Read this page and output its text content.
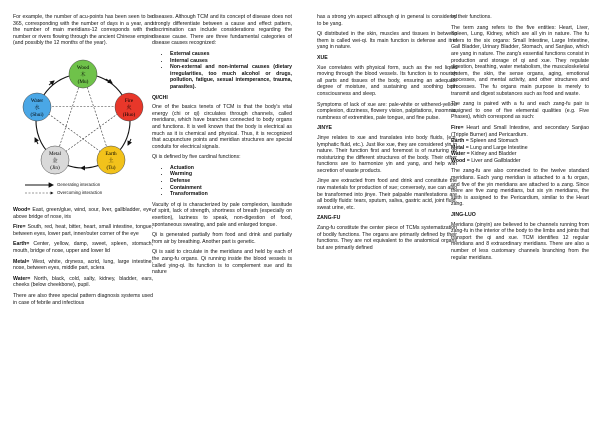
For example, the number of acu-points has been seen to be 365, corresponding with the number of days in a year, and the number of main meridians-12 corresponds with the number or rivers flowing through the ancient Chinese empire (and possibly the 12 months of the year).

Wood
木
(Mu)
Fire
火
(Huo)
Earth
土
(Tu)
Metal
金
(Jin)
Water
水
(Shui)
Generating interaction
Overcoming interaction

Wood= East, green/glue, wind, sour, liver, gallbladder, eye, above bridge of nose, iris

Fire= South, red, heat, bitter, heart, small intestine, tongue, between eyes, lower part, inner/outer corner of the eye

Earth= Center, yellow, damp, sweet, spleen, stomach, mouth, bridge of nose, upper and lower lid

Metal= West, white, dryness, acrid, lung, large intestine, nose, between eyes, middle part, sclera

Water= North, black, cold, salty, kidney, bladder, ears, cheeks (below cheekbone), pupil.

There are also three special pattern diagnosis systems used in case of febrile and infectious

diseases. Although TCM and its concept of disease does not strongly differentiate between a cause and effect pattern, discrimination can include considerations regarding the disease cause. There are three fundamental categories of disease causes recognized:

• External causes
• Internal causes
• Non-external and non-internal causes (dietary irregularities, too much alcohol or drugs, pollution, fatigue, sexual intemperance, trauma, parasites).
QI/CHI

One of the basics tenets of TCM is that the body's vital energy (chi or qi) circulates through channels, called meridians, which have branches connected to body organs and functions. It is well known that the body is electrical as much as it is chemical and physical. Thus, it is recognized that acupuncture points and meridian structures are special conduits for electrical signals.

Qi is defined by five cardinal functions:

• Actuation
• Warming
• Defense
• Containment
• Transformation

Vacuity of qi is characterized by pale complexion, lassitude of spirit, lack of strength, shortness of breath (especially on exertion), laziness to speak, non-digestion of food, spontaneous sweating, and pale and enlarged tongue.

Qi is generated partially from food and drink and partially from air by breathing. Another part is genetic.

Qi is said to circulate in the meridians and held by each of the zang-fu organs. Qi running inside the blood vessels is called ying-qi. Its function is to complement xue and its nature

has a strong yin aspect although qi in general is considered to be yang.

Qi distributed in the skin, muscles and tissues in between them is called wei-qi. Its main function is defense and it is yang in nature.

XUE

Xue correlates with physical form, such as the red liquid moving through the blood vessels. Its function is to nourish all parts and tissues of the body, ensuring an adequate degree of moisture, and sustaining and soothing both consciousness and sleep.

Symptoms of lack of xue are: pale-white or withered-yellow complexion, dizziness, flowery vision, palpitations, insomnia, numbness of extremities, pale tongue, and fine pulse.

JINYE

Jinye relates to xue and translates into body fluids, (e.g. lymphatic fluid, etc.). Just like xue, they are considered yin in nature. Their function first and foremost is of nurturing an moisturizing the different structures of the body. Their other functions are to harmonize yin and yang, and help with secretion of waste products.

Jinye are extracted from food and drink and constitute the raw materials for production of xue; conversely, xue can also be transformed into jinye. Their palpable manifestations are all bodily fluids: tears, sputum, saliva, gastric acid, joint fluid, sweat urine, etc.

ZANG-FU

Zang-fu constitute the center piece of TCMs systematization of bodily functions. The organs are primarily defined by their functions. They are not equivalent to the anatomical organs but are primarily defined

by their functions.

The term zang refers to the five entities: Heart, Liver, Spleen, Lung, Kidney, which are all yin in nature. The fu refers to the six organs: Small Intestine, Large Intestine, Gall Bladder, Urinary Bladder, Stomach, and Sanjiao, which are yang in nature. The zang's essential functions consist in production and storage of qi and xue. They regulate digestion, breathing, water metabolism, the musculoskeletal system, the skin, the sense organs, aging, emotional processes, and mental activity, and other structures and processes. The fu organs main purpose is merely to transmit and digest substances such as food and waste.

The zang is paired with a fu and each zang-fu pair is assigned to one of five elemental qualities (e.g. Five Phases), which correspond as such:

Fire= Heart and Small Intestine, and secondary Sanjiao (Tripple Burner) and Pericardium.
Earth = Spleen and Stomach
Metal = Lung and Large Intestine
Water = Kidney and Bladder
Wood = Liver and Gallbladder

The zang-fu are also connected to the twelve standard meridians. Each yang meridian is attached to a fu organ, and five of the yin meridians are attached to a zang. Since there are five zang meridians, but six yin meridians, the sixth is assigned to the Pericardium, similar to the Heart zang.

JING-LUO

Meridians (pinyin) are believed to be channels running from zang-fu in the interior of the body to the limbs and joints that transport the qi and xue. TCM identifies 12 regular meridians and 8 extraordinary meridians. There are also a number of less customary channels branching from the regular meridians.
